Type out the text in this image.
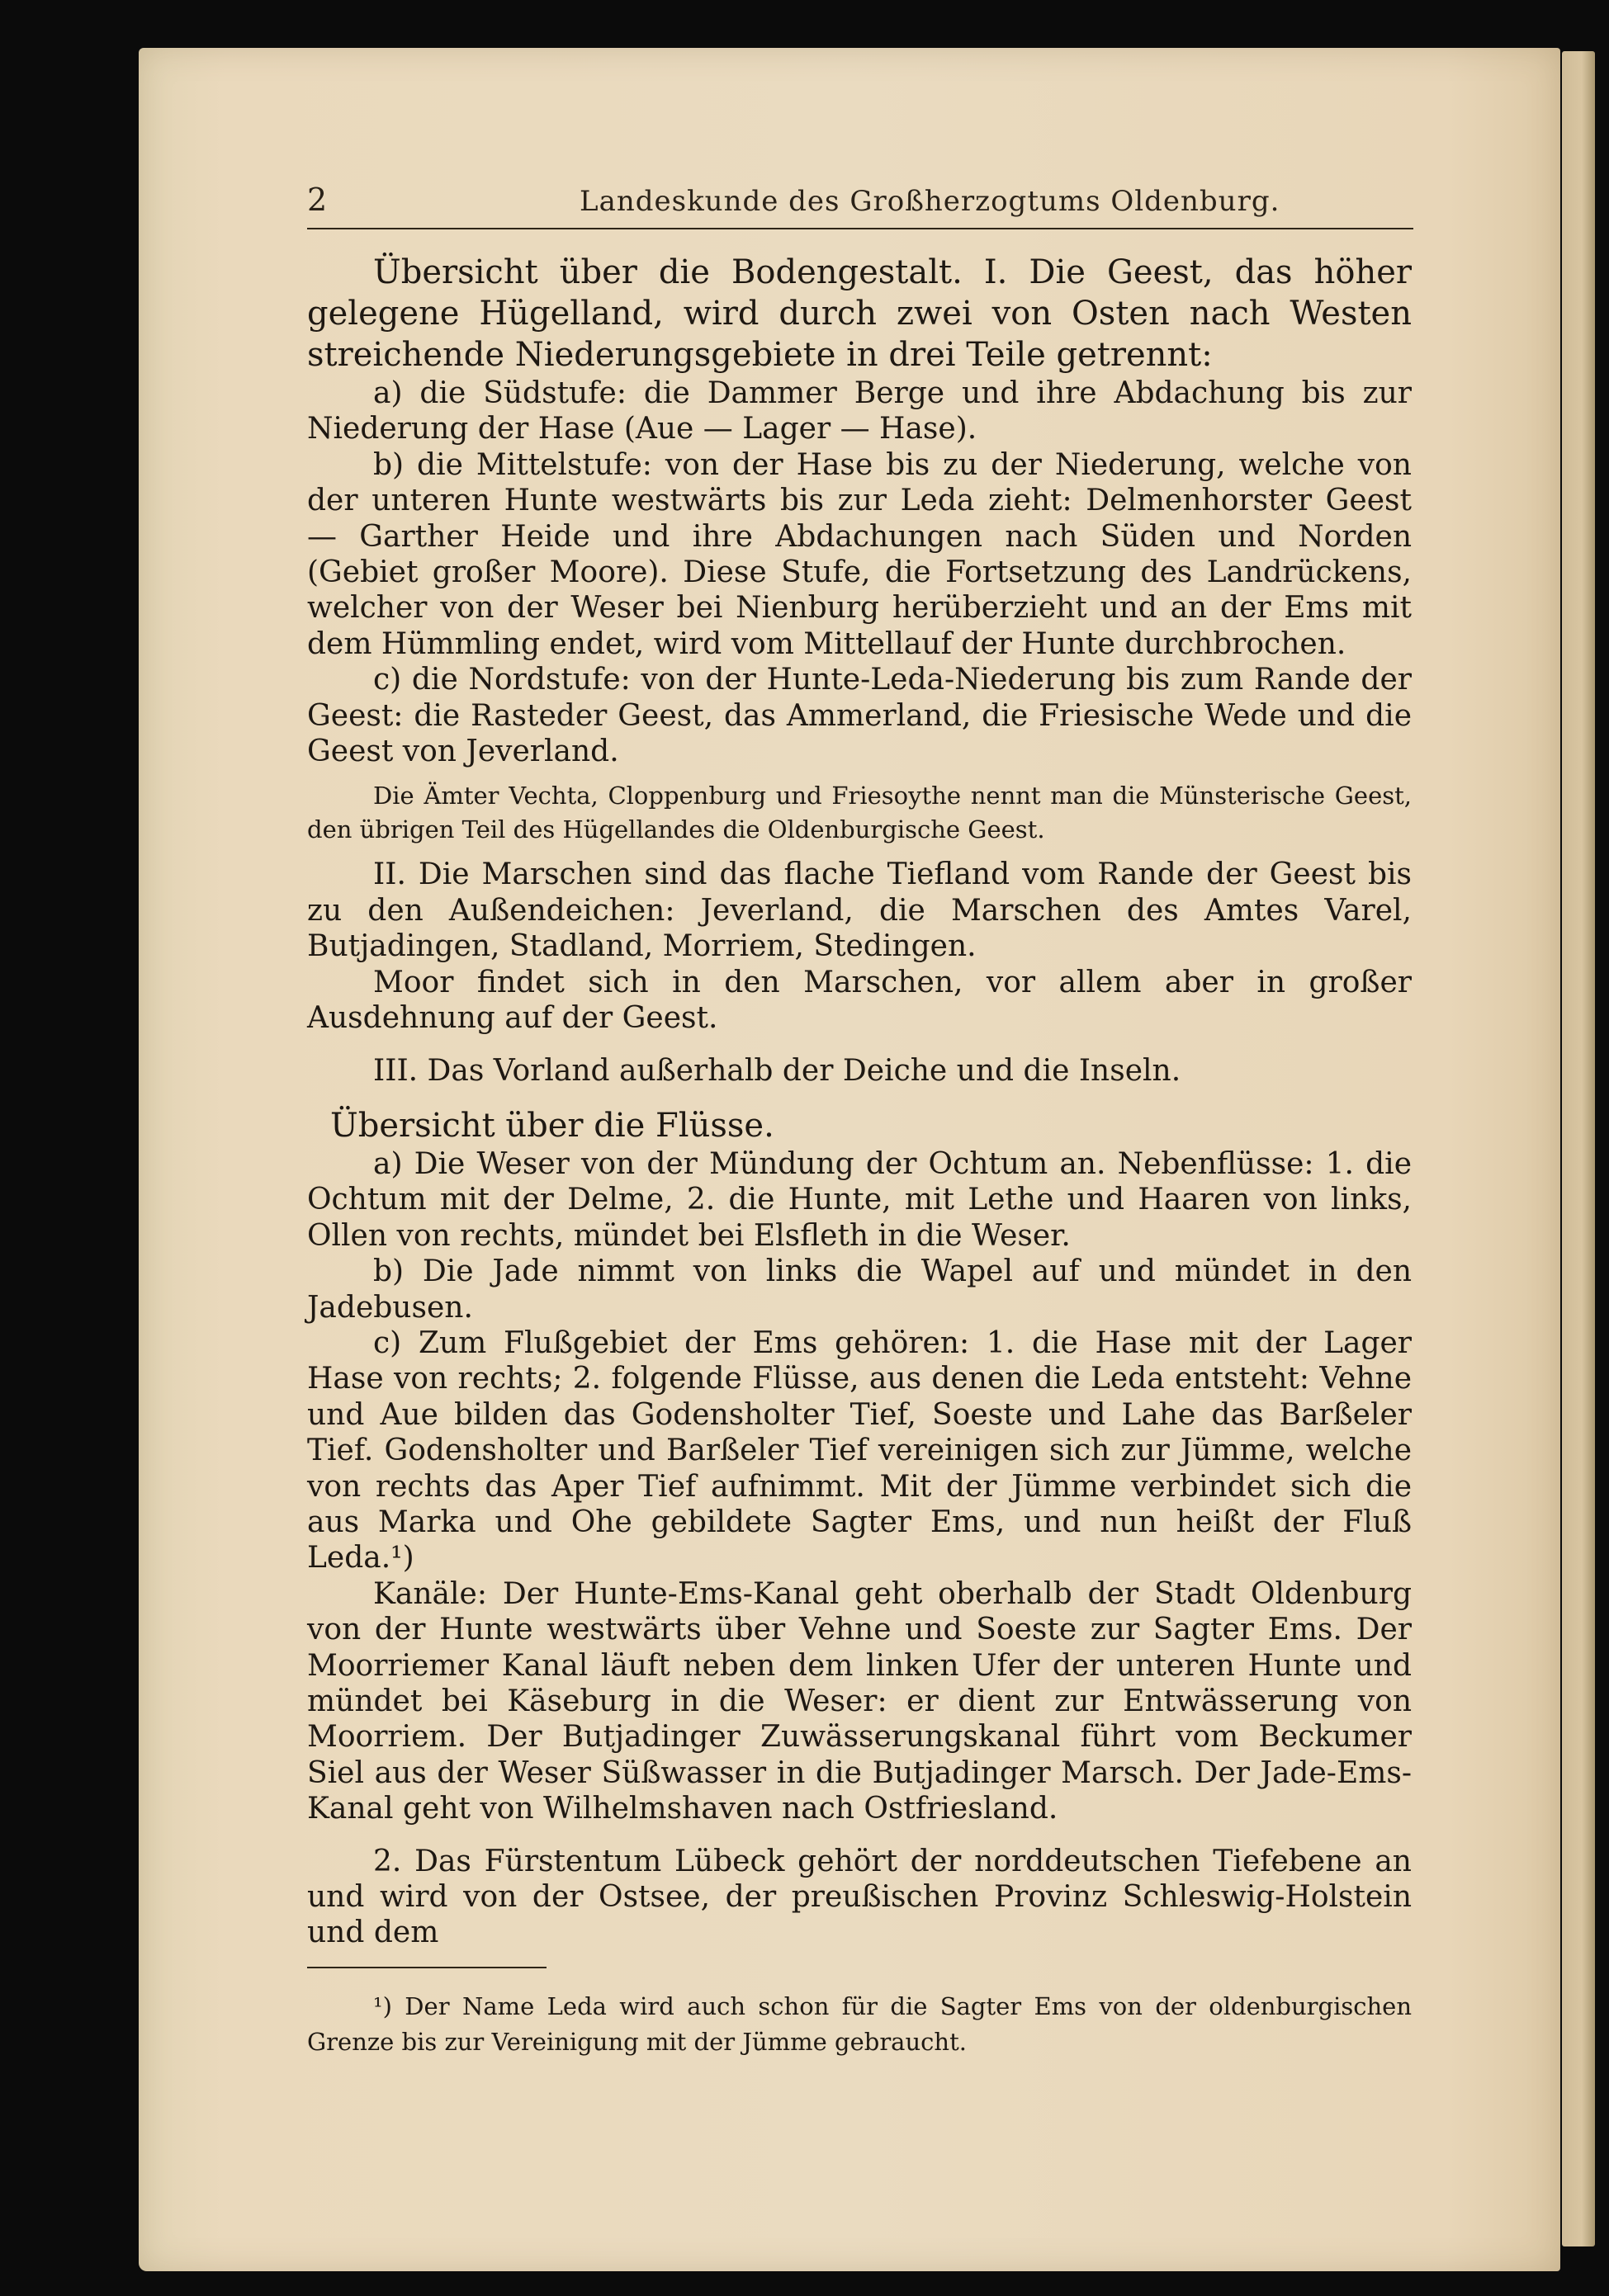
2	Landeskunde des Großherzogtums Oldenburg.

Übersicht über die Bodengestalt. I. Die Geest, das höher gelegene Hügelland, wird durch zwei von Osten nach Westen streichende Niederungsgebiete in drei Teile getrennt:

a) die Südstufe: die Dammer Berge und ihre Abdachung bis zur Niederung der Hase (Aue — Lager — Hase).

b) die Mittelstufe: von der Hase bis zu der Niederung, welche von der unteren Hunte westwärts bis zur Leda zieht: Delmenhorster Geest — Garther Heide und ihre Abdachungen nach Süden und Norden (Gebiet großer Moore). Diese Stufe, die Fortsetzung des Landrückens, welcher von der Weser bei Nienburg herüberzieht und an der Ems mit dem Hümmling endet, wird vom Mittellauf der Hunte durchbrochen.

c) die Nordstufe: von der Hunte-Leda-Niederung bis zum Rande der Geest: die Rasteder Geest, das Ammerland, die Friesische Wede und die Geest von Jeverland.

Die Ämter Vechta, Cloppenburg und Friesoythe nennt man die Münsterische Geest, den übrigen Teil des Hügellandes die Oldenburgische Geest.

II. Die Marschen sind das flache Tiefland vom Rande der Geest bis zu den Außendeichen: Jeverland, die Marschen des Amtes Varel, Butjadingen, Stadland, Morriem, Stedingen.

Moor findet sich in den Marschen, vor allem aber in großer Ausdehnung auf der Geest.

III. Das Vorland außerhalb der Deiche und die Inseln.

Übersicht über die Flüsse.

a) Die Weser von der Mündung der Ochtum an. Nebenflüsse: 1. die Ochtum mit der Delme, 2. die Hunte, mit Lethe und Haaren von links, Ollen von rechts, mündet bei Elsfleth in die Weser.

b) Die Jade nimmt von links die Wapel auf und mündet in den Jadebusen.

c) Zum Flußgebiet der Ems gehören: 1. die Hase mit der Lager Hase von rechts; 2. folgende Flüsse, aus denen die Leda entsteht: Vehne und Aue bilden das Godensholter Tief, Soeste und Lahe das Barßeler Tief. Godensholter und Barßeler Tief vereinigen sich zur Jümme, welche von rechts das Aper Tief aufnimmt. Mit der Jümme verbindet sich die aus Marka und Ohe gebildete Sagter Ems, und nun heißt der Fluß Leda.¹)

Kanäle: Der Hunte-Ems-Kanal geht oberhalb der Stadt Oldenburg von der Hunte westwärts über Vehne und Soeste zur Sagter Ems. Der Moorriemer Kanal läuft neben dem linken Ufer der unteren Hunte und mündet bei Käseburg in die Weser: er dient zur Entwässerung von Moorriem. Der Butjadinger Zuwässerungskanal führt vom Beckumer Siel aus der Weser Süßwasser in die Butjadinger Marsch. Der Jade-Ems-Kanal geht von Wilhelmshaven nach Ostfriesland.

2. Das Fürstentum Lübeck gehört der norddeutschen Tiefebene an und wird von der Ostsee, der preußischen Provinz Schleswig-Holstein und dem

¹) Der Name Leda wird auch schon für die Sagter Ems von der oldenburgischen Grenze bis zur Vereinigung mit der Jümme gebraucht.
